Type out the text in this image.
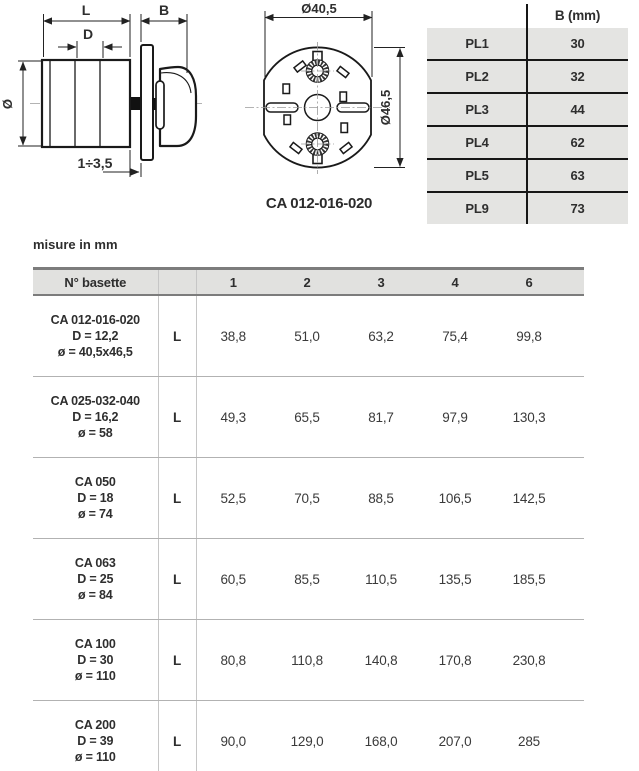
L	B
D
Ø
1÷3,5
Ø40,5
Ø46,5
CA 012-016-020
B (mm)
PL1	30
PL2	32
PL3	44
PL4	62
PL5	63
PL9	73
misure in mm
N° basette		1	2	3	4	6	

CA 012-016-020
D = 12,2
ø = 40,5x46,5	L	38,8	51,0	63,2	75,4	99,8	

CA 025-032-040
D = 16,2
ø = 58	L	49,3	65,5	81,7	97,9	130,3	

CA 050
D = 18
ø = 74	L	52,5	70,5	88,5	106,5	142,5	

CA 063
D = 25
ø = 84	L	60,5	85,5	110,5	135,5	185,5	

CA 100
D = 30
ø = 110	L	80,8	110,8	140,8	170,8	230,8	

CA 200
D = 39
ø = 110	L	90,0	129,0	168,0	207,0	285	
